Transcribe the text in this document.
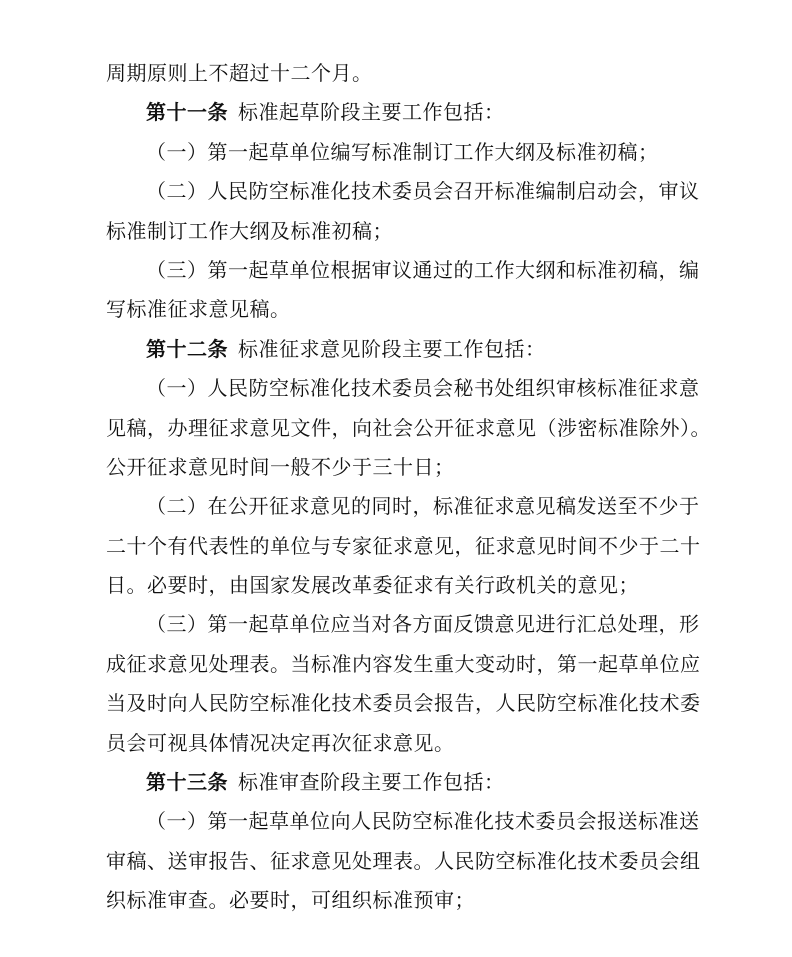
周期原则上不超过十二个月。
第十一条 标准起草阶段主要工作包括：
（一）第一起草单位编写标准制订工作大纲及标准初稿；
（二）人民防空标准化技术委员会召开标准编制启动会，审议
标准制订工作大纲及标准初稿；
（三）第一起草单位根据审议通过的工作大纲和标准初稿，编
写标准征求意见稿。
第十二条 标准征求意见阶段主要工作包括：
（一）人民防空标准化技术委员会秘书处组织审核标准征求意
见稿，办理征求意见文件，向社会公开征求意见（涉密标准除外）。
公开征求意见时间一般不少于三十日；
（二）在公开征求意见的同时，标准征求意见稿发送至不少于
二十个有代表性的单位与专家征求意见，征求意见时间不少于二十
日。必要时，由国家发展改革委征求有关行政机关的意见；
（三）第一起草单位应当对各方面反馈意见进行汇总处理，形
成征求意见处理表。当标准内容发生重大变动时，第一起草单位应
当及时向人民防空标准化技术委员会报告，人民防空标准化技术委
员会可视具体情况决定再次征求意见。
第十三条 标准审查阶段主要工作包括：
（一）第一起草单位向人民防空标准化技术委员会报送标准送
审稿、送审报告、征求意见处理表。人民防空标准化技术委员会组
织标准审查。必要时，可组织标准预审；
